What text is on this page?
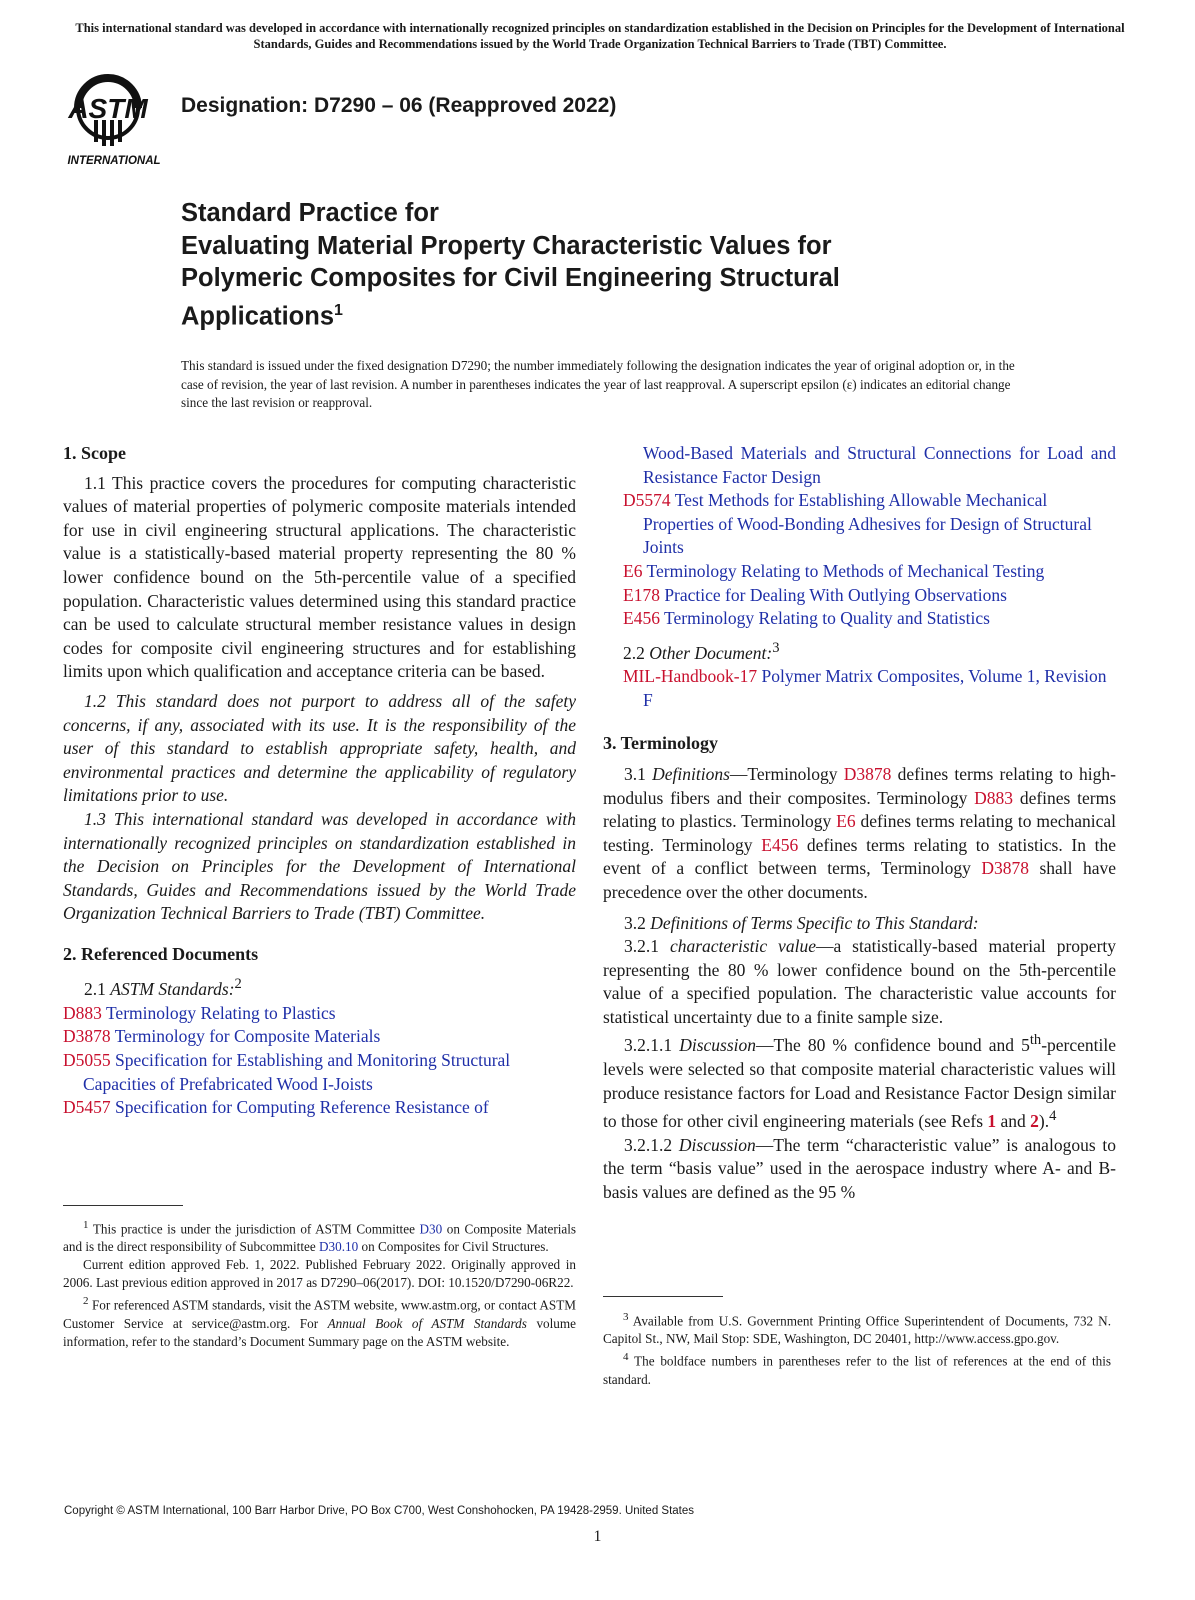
This international standard was developed in accordance with internationally recognized principles on standardization established in the Decision on Principles for the Development of International Standards, Guides and Recommendations issued by the World Trade Organization Technical Barriers to Trade (TBT) Committee.
ASTM
INTERNATIONAL
Designation: D7290 – 06 (Reapproved 2022)
Standard Practice for
Evaluating Material Property Characteristic Values for
Polymeric Composites for Civil Engineering Structural
Applications$^1$
This standard is issued under the fixed designation D7290; the number immediately following the designation indicates the year of original adoption or, in the case of revision, the year of last revision. A number in parentheses indicates the year of last reapproval. A superscript epsilon (ε) indicates an editorial change since the last revision or reapproval.

1. Scope

1.1 This practice covers the procedures for computing characteristic values of material properties of polymeric composite materials intended for use in civil engineering structural applications. The characteristic value is a statistically-based material property representing the 80 % lower confidence bound on the 5th-percentile value of a specified population. Characteristic values determined using this standard practice can be used to calculate structural member resistance values in design codes for composite civil engineering structures and for establishing limits upon which qualification and acceptance criteria can be based.

1.2 This standard does not purport to address all of the safety concerns, if any, associated with its use. It is the responsibility of the user of this standard to establish appropriate safety, health, and environmental practices and determine the applicability of regulatory limitations prior to use.

1.3 This international standard was developed in accordance with internationally recognized principles on standardization established in the Decision on Principles for the Development of International Standards, Guides and Recommendations issued by the World Trade Organization Technical Barriers to Trade (TBT) Committee.

2. Referenced Documents

2.1 ASTM Standards:$^2$

D883 Terminology Relating to Plastics

D3878 Terminology for Composite Materials

D5055 Specification for Establishing and Monitoring Structural Capacities of Prefabricated Wood I-Joists

D5457 Specification for Computing Reference Resistance of

$^1$ This practice is under the jurisdiction of ASTM Committee D30 on Composite Materials and is the direct responsibility of Subcommittee D30.10 on Composites for Civil Structures.

Current edition approved Feb. 1, 2022. Published February 2022. Originally approved in 2006. Last previous edition approved in 2017 as D7290–06(2017). DOI: 10.1520/D7290-06R22.

$^2$ For referenced ASTM standards, visit the ASTM website, www.astm.org, or contact ASTM Customer Service at service@astm.org. For Annual Book of ASTM Standards volume information, refer to the standard’s Document Summary page on the ASTM website.

Wood-Based Materials and Structural Connections for Load and Resistance Factor Design

D5574 Test Methods for Establishing Allowable Mechanical Properties of Wood-Bonding Adhesives for Design of Structural Joints

E6 Terminology Relating to Methods of Mechanical Testing

E178 Practice for Dealing With Outlying Observations

E456 Terminology Relating to Quality and Statistics

2.2 Other Document:$^3$

MIL-Handbook-17 Polymer Matrix Composites, Volume 1, Revision F

3. Terminology

3.1 Definitions—Terminology D3878 defines terms relating to high-modulus fibers and their composites. Terminology D883 defines terms relating to plastics. Terminology E6 defines terms relating to mechanical testing. Terminology E456 defines terms relating to statistics. In the event of a conflict between terms, Terminology D3878 shall have precedence over the other documents.

3.2 Definitions of Terms Specific to This Standard:

3.2.1 characteristic value—a statistically-based material property representing the 80 % lower confidence bound on the 5th-percentile value of a specified population. The characteristic value accounts for statistical uncertainty due to a finite sample size.

3.2.1.1 Discussion—The 80 % confidence bound and 5th-percentile levels were selected so that composite material characteristic values will produce resistance factors for Load and Resistance Factor Design similar to those for other civil engineering materials (see Refs 1 and 2).$^4$

3.2.1.2 Discussion—The term “characteristic value” is analogous to the term “basis value” used in the aerospace industry where A- and B-basis values are defined as the 95 %

$^3$ Available from U.S. Government Printing Office Superintendent of Documents, 732 N. Capitol St., NW, Mail Stop: SDE, Washington, DC 20401, http://www.access.gpo.gov.

$^4$ The boldface numbers in parentheses refer to the list of references at the end of this standard.

Copyright © ASTM International, 100 Barr Harbor Drive, PO Box C700, West Conshohocken, PA 19428-2959. United States
1
